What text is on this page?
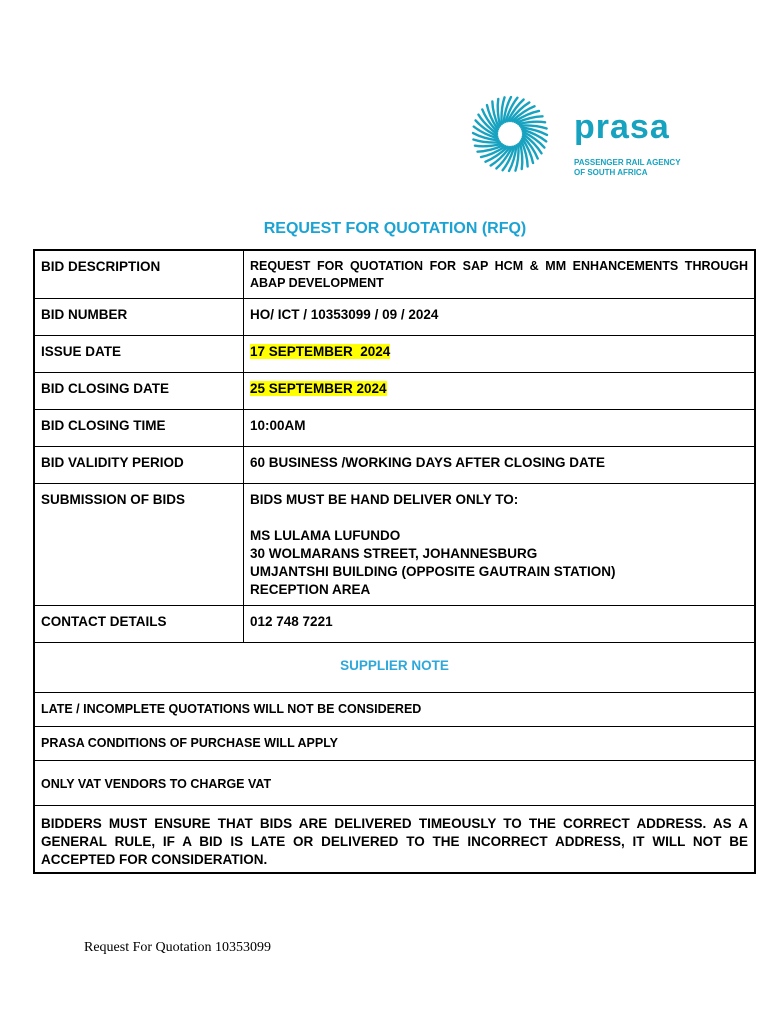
prasa
PASSENGER RAIL AGENCY
OF SOUTH AFRICA
REQUEST FOR QUOTATION (RFQ)
BID DESCRIPTION	REQUEST FOR QUOTATION FOR SAP HCM & MM ENHANCEMENTS THROUGH ABAP DEVELOPMENT
BID NUMBER	HO/ ICT / 10353099 / 09 / 2024
ISSUE DATE	17 SEPTEMBER  2024
BID CLOSING DATE	25 SEPTEMBER 2024
BID CLOSING TIME	10:00AM
BID VALIDITY PERIOD	60 BUSINESS /WORKING DAYS AFTER CLOSING DATE
SUBMISSION OF BIDS	BIDS MUST BE HAND DELIVER ONLY TO:
MS LULAMA LUFUNDO
30 WOLMARANS STREET, JOHANNESBURG
UMJANTSHI BUILDING (OPPOSITE GAUTRAIN STATION)
RECEPTION AREA

CONTACT DETAILS	012 748 7221
SUPPLIER NOTE	
LATE / INCOMPLETE QUOTATIONS WILL NOT BE CONSIDERED	
PRASA CONDITIONS OF PURCHASE WILL APPLY	
ONLY VAT VENDORS TO CHARGE VAT	
BIDDERS MUST ENSURE THAT BIDS ARE DELIVERED TIMEOUSLY TO THE CORRECT ADDRESS. AS A GENERAL RULE, IF A BID IS LATE OR DELIVERED TO THE INCORRECT ADDRESS, IT WILL NOT BE ACCEPTED FOR CONSIDERATION.	
Request For Quotation 10353099
